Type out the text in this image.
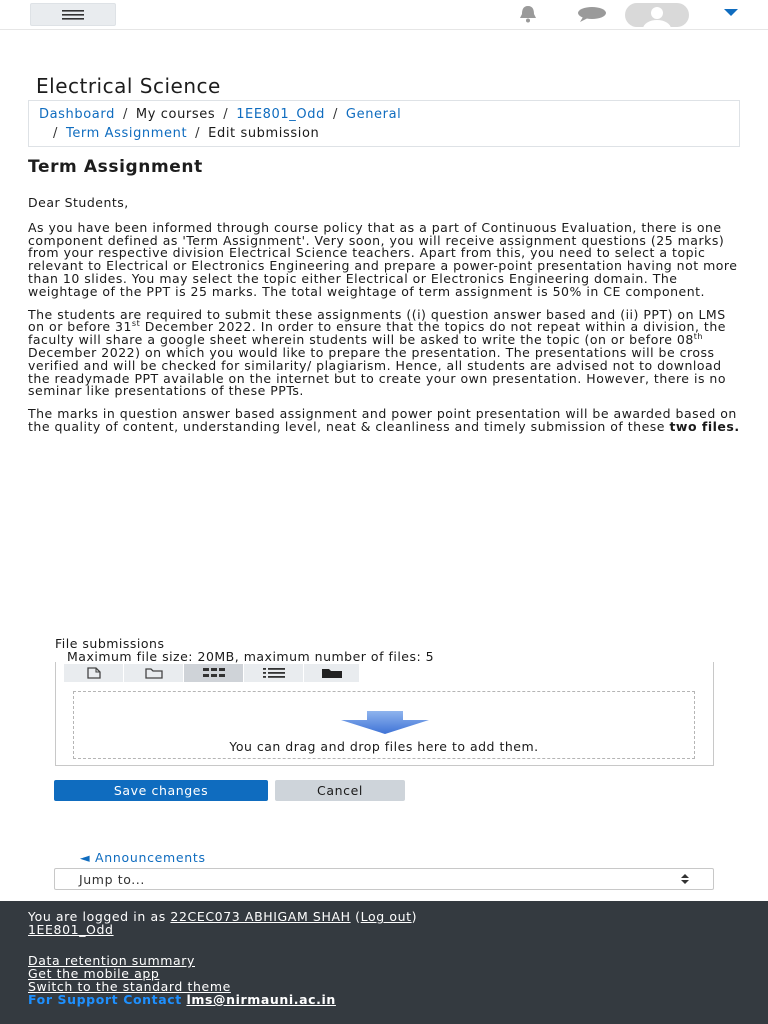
Electrical Science
Dashboard / My courses / 1EE801_Odd / General
/ Term Assignment / Edit submission
Term Assignment

Dear Students,

As you have been informed through course policy that as a part of Continuous Evaluation, there is one component defined as 'Term Assignment'. Very soon, you will receive assignment questions (25 marks) from your respective division Electrical Science teachers. Apart from this, you need to select a topic relevant to Electrical or Electronics Engineering and prepare a power-point presentation having not more than 10 slides. You may select the topic either Electrical or Electronics Engineering domain. The weightage of the PPT is 25 marks. The total weightage of term assignment is 50% in CE component.

The students are required to submit these assignments ((i) question answer based and (ii) PPT) on LMS on or before 31st December 2022. In order to ensure that the topics do not repeat within a division, the faculty will share a google sheet wherein students will be asked to write the topic (on or before 08th December 2022) on which you would like to prepare the presentation. The presentations will be cross verified and will be checked for similarity/ plagiarism. Hence, all students are advised not to download the readymade PPT available on the internet but to create your own presentation. However, there is no seminar like presentations of these PPTs.

The marks in question answer based assignment and power point presentation will be awarded based on the quality of content, understanding level, neat & cleanliness and timely submission of these two files.

File submissions
Maximum file size: 20MB, maximum number of files: 5
You can drag and drop files here to add them.
Save changes	Cancel
◄ Announcements
Jump to...
You are logged in as 22CEC073 ABHIGAM SHAH (Log out)
1EE801_Odd
Data retention summary
Get the mobile app
Switch to the standard theme
For Support Contact lms@nirmauni.ac.in
